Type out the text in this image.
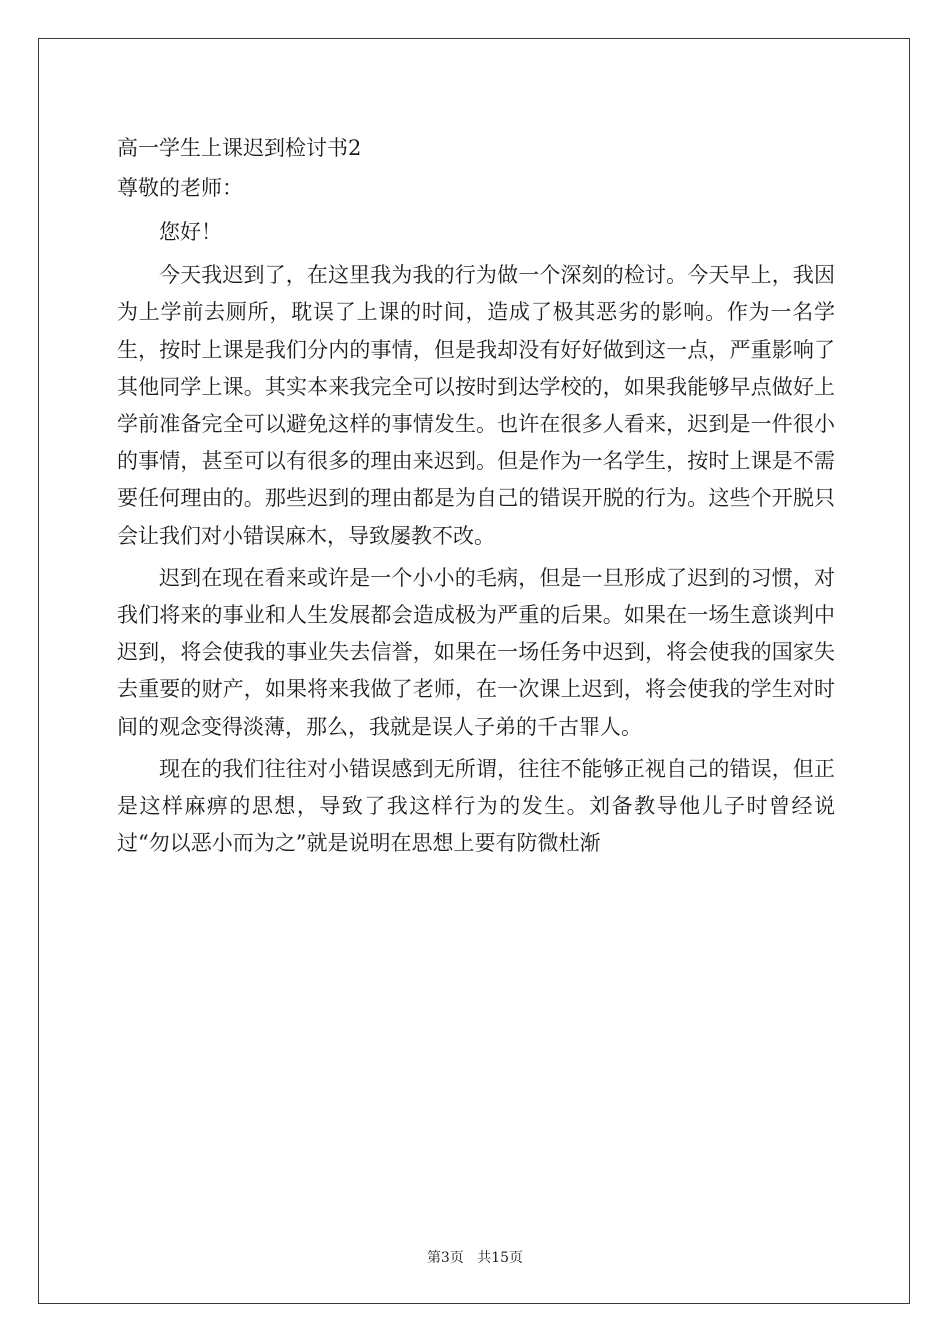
高一学生上课迟到检讨书2

尊敬的老师：

您好！

今天我迟到了，在这里我为我的行为做一个深刻的检讨。今天早上，我因为上学前去厕所，耽误了上课的时间，造成了极其恶劣的影响。作为一名学生，按时上课是我们分内的事情，但是我却没有好好做到这一点，严重影响了其他同学上课。其实本来我完全可以按时到达学校的，如果我能够早点做好上学前准备完全可以避免这样的事情发生。也许在很多人看来，迟到是一件很小的事情，甚至可以有很多的理由来迟到。但是作为一名学生，按时上课是不需要任何理由的。那些迟到的理由都是为自己的错误开脱的行为。这些个开脱只会让我们对小错误麻木，导致屡教不改。

迟到在现在看来或许是一个小小的毛病，但是一旦形成了迟到的习惯，对我们将来的事业和人生发展都会造成极为严重的后果。如果在一场生意谈判中迟到，将会使我的事业失去信誉，如果在一场任务中迟到，将会使我的国家失去重要的财产，如果将来我做了老师，在一次课上迟到，将会使我的学生对时间的观念变得淡薄，那么，我就是误人子弟的千古罪人。

现在的我们往往对小错误感到无所谓，往往不能够正视自己的错误，但正是这样麻痹的思想，导致了我这样行为的发生。刘备教导他儿子时曾经说过“勿以恶小而为之”就是说明在思想上要有防微杜渐

第3页 共15页
